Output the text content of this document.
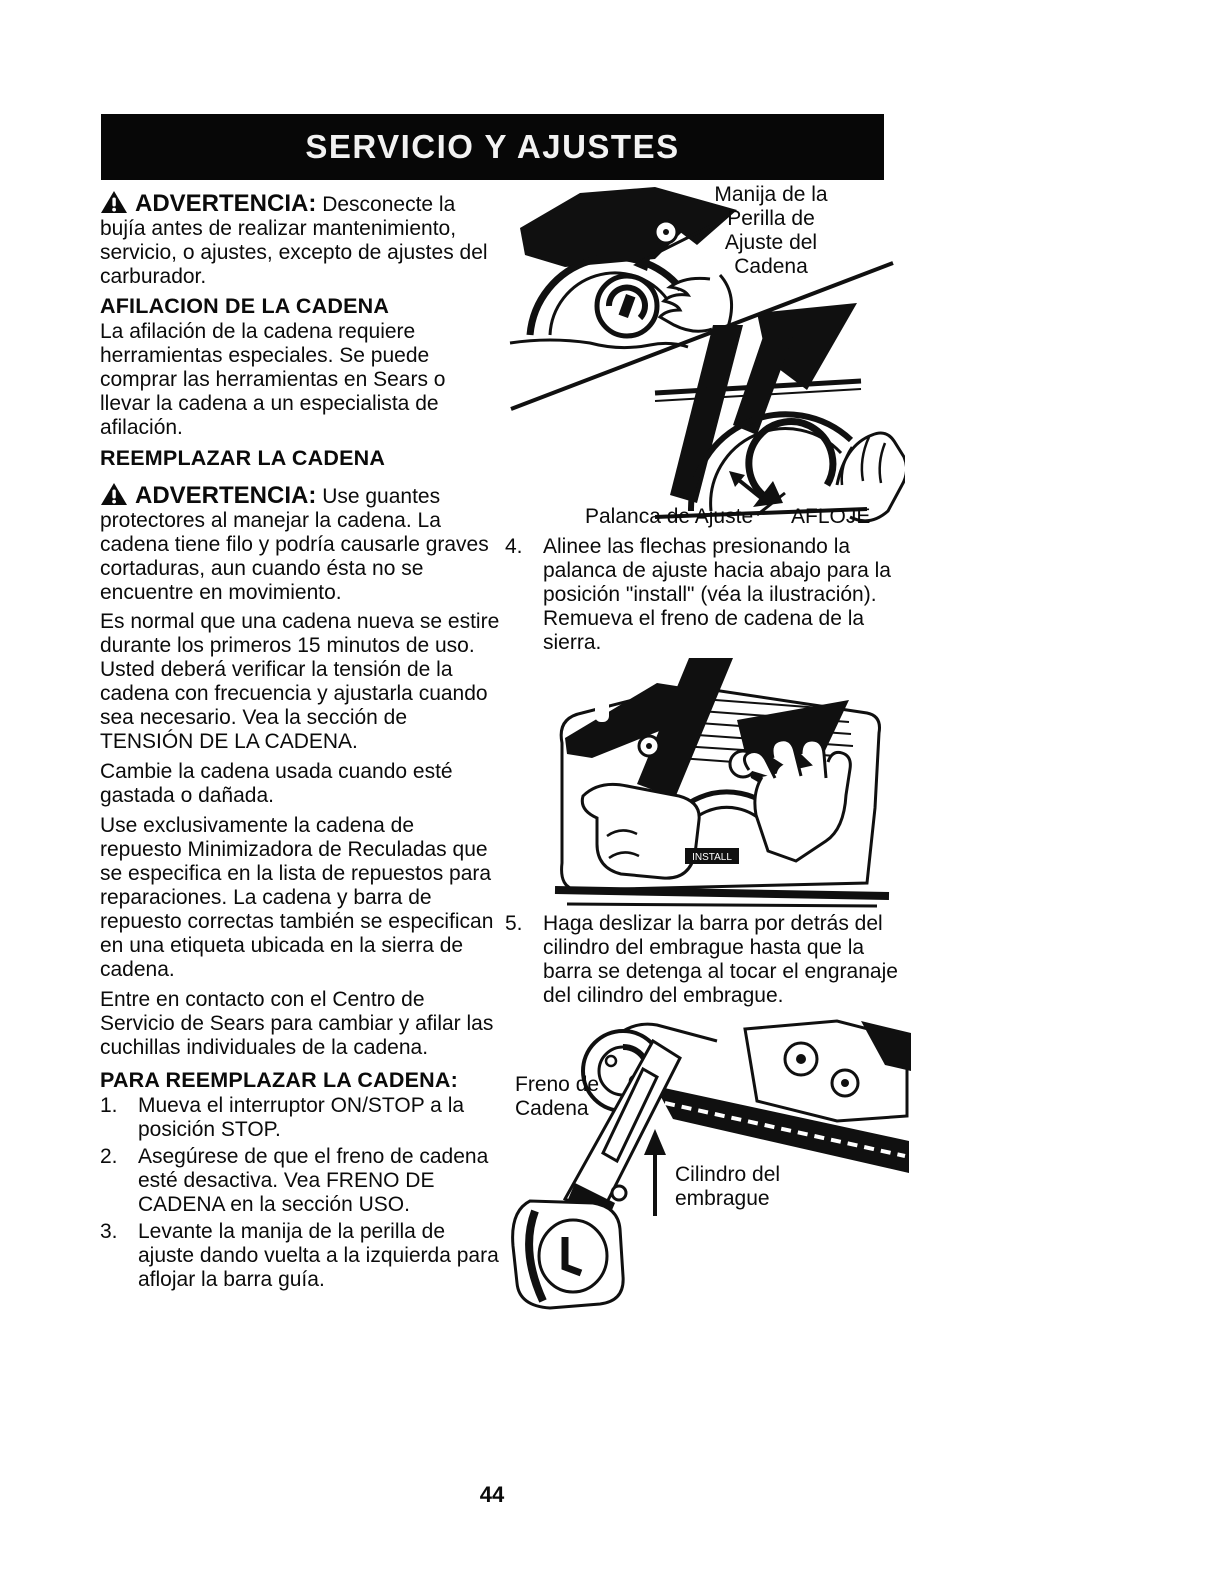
SERVICIO Y AJUSTES

ADVERTENCIA: Desconecte la bujía antes de realizar mantenimiento, servicio, o ajustes, excepto de ajustes del carburador.

AFILACION DE LA CADENA

La afilación de la cadena requiere herramientas especiales. Se puede comprar las herramientas en Sears o llevar la cadena a un especialista de afilación.

REEMPLAZAR LA CADENA

ADVERTENCIA: Use guantes protectores al manejar la cadena. La cadena tiene filo y podría causarle graves cortaduras, aun cuando ésta no se encuentre en movimiento.

Es normal que una cadena nueva se estire durante los primeros 15 minutos de uso. Usted deberá verificar la tensión de la cadena con frecuencia y ajustarla cuando sea necesario. Vea la sección de TENSIÓN DE LA CADENA.

Cambie la cadena usada cuando esté gastada o dañada.

Use exclusivamente la cadena de repuesto Minimizadora de Reculadas que se especifica en la lista de repuestos para reparaciones. La cadena y barra de repuesto correctas también se especifican en una etiqueta ubicada en la sierra de cadena.

Entre en contacto con el Centro de Servicio de Sears para cambiar y afilar las cuchillas individuales de la cadena.

PARA REEMPLAZAR LA CADENA:
1. Mueva el interruptor ON/STOP a la posición STOP.
2. Asegúrese de que el freno de cadena esté desactiva. Vea FRENO DE CADENA en la sección USO.
3. Levante la manija de la perilla de ajuste dando vuelta a la izquierda para aflojar la barra guía.
Manija de la
Perilla de
Ajuste del
Cadena
Palanca de Ajuste AFLOJE
4. Alinee las flechas presionando la palanca de ajuste hacia abajo para la posición "install" (véa la ilustración). Remueva el freno de cadena de la sierra.
INSTALL
5. Haga deslizar la barra por detrás del cilindro del embrague hasta que la barra se detenga al tocar el engranaje del cilindro del embrague.
Freno de
Cadena
Cilindro del
embrague
44
